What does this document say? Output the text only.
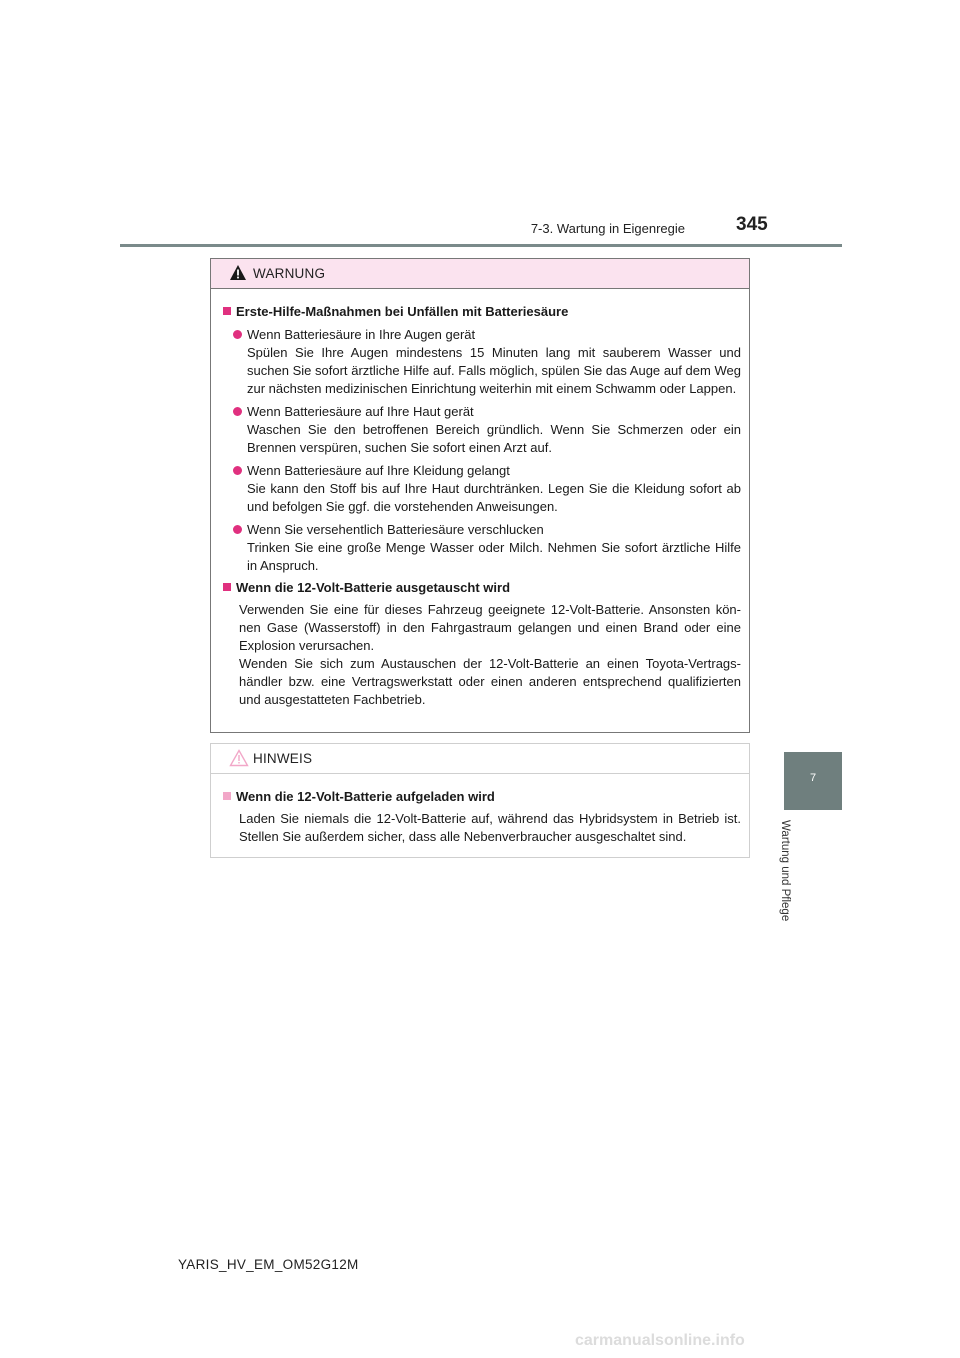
7-3. Wartung in Eigenregie	345
7
Wartung und Pflege
WARNUNG
Erste-Hilfe-Maßnahmen bei Unfällen mit Batteriesäure

Wenn Batteriesäure in Ihre Augen gerät

Spülen Sie Ihre Augen mindestens 15 Minuten lang mit sauberem Wasser und suchen Sie sofort ärztliche Hilfe auf. Falls möglich, spülen Sie das Auge auf dem Weg zur nächsten medizinischen Einrichtung weiterhin mit einem Schwamm oder Lappen.

Wenn Batteriesäure auf Ihre Haut gerät

Waschen Sie den betroffenen Bereich gründlich. Wenn Sie Schmerzen oder ein Brennen verspüren, suchen Sie sofort einen Arzt auf.

Wenn Batteriesäure auf Ihre Kleidung gelangt

Sie kann den Stoff bis auf Ihre Haut durchtränken. Legen Sie die Kleidung sofort ab und befolgen Sie ggf. die vorstehenden Anweisungen.

Wenn Sie versehentlich Batteriesäure verschlucken

Trinken Sie eine große Menge Wasser oder Milch. Nehmen Sie sofort ärztliche Hilfe in Anspruch.

Wenn die 12-Volt-Batterie ausgetauscht wird

Verwenden Sie eine für dieses Fahrzeug geeignete 12-Volt-Batterie. Ansonsten kön-nen Gase (Wasserstoff) in den Fahrgastraum gelangen und einen Brand oder eine Explosion verursachen.

Wenden Sie sich zum Austauschen der 12-Volt-Batterie an einen Toyota-Vertrags-händler bzw. eine Vertragswerkstatt oder einen anderen entsprechend qualifizierten und ausgestatteten Fachbetrieb.

HINWEIS
Wenn die 12-Volt-Batterie aufgeladen wird

Laden Sie niemals die 12-Volt-Batterie auf, während das Hybridsystem in Betrieb ist. Stellen Sie außerdem sicher, dass alle Nebenverbraucher ausgeschaltet sind.

YARIS_HV_EM_OM52G12M
carmanualsonline.info
